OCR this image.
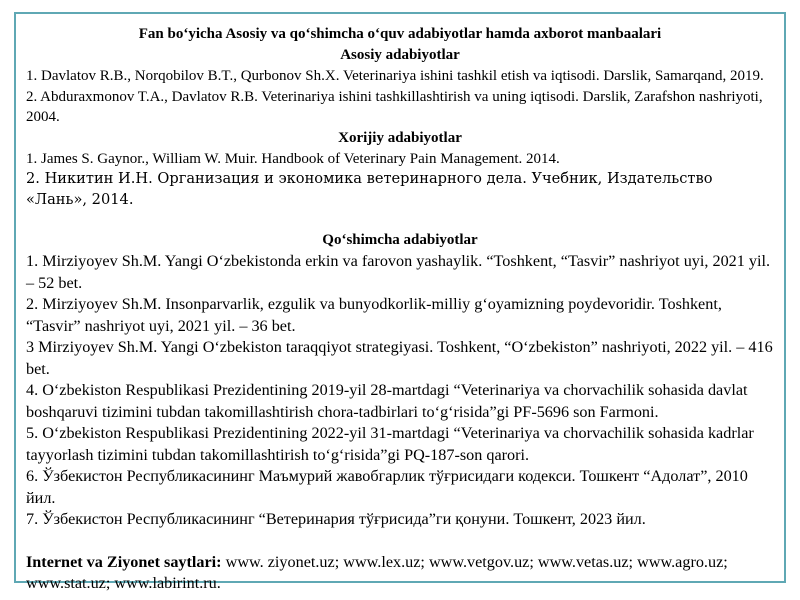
Fan bo‘yicha Asosiy va qo‘shimcha o‘quv adabiyotlar hamda axborot manbaalari

Asosiy adabiyotlar

1. Davlatov R.B., Norqobilov B.T., Qurbonov Sh.X. Veterinariya ishini tashkil etish va iqtisodi. Darslik, Samarqand, 2019.

2. Abduraxmonov T.A., Davlatov R.B. Veterinariya ishini tashkillashtirish va uning iqtisodi. Darslik, Zarafshon nashriyoti, 2004.

Xorijiy adabiyotlar

1. James S. Gaynor., William W. Muir. Handbook of Veterinary Pain Management. 2014.

2. Никитин И.Н. Организация и экономика ветеринарного дела. Учебник, Издательство «Лань», 2014.

Qo‘shimcha adabiyotlar

1. Mirziyoyev Sh.M. Yangi O‘zbekistonda erkin va farovon yashaylik. “Toshkent, “Tasvir” nashriyot uyi, 2021 yil. – 52 bet.

2. Mirziyoyev Sh.M. Insonparvarlik, ezgulik va bunyodkorlik-milliy g‘oyamizning poydevoridir. Toshkent, “Tasvir” nashriyot uyi, 2021 yil. – 36 bet.

3 Mirziyoyev Sh.M. Yangi O‘zbekiston taraqqiyot strategiyasi. Toshkent, “O‘zbekiston” nashriyoti, 2022 yil. – 416 bet.

4. O‘zbekiston Respublikasi Prezidentining 2019-yil 28-martdagi “Veterinariya va chorvachilik sohasida davlat boshqaruvi tizimini tubdan takomillashtirish chora-tadbirlari to‘g‘risida”gi PF-5696 son Farmoni.

5. O‘zbekiston Respublikasi Prezidentining 2022-yil 31-martdagi “Veterinariya va chorvachilik sohasida kadrlar tayyorlash tizimini tubdan takomillashtirish to‘g‘risida”gi PQ-187-son qarori.

6. Ўзбекистон Республикасининг Маъмурий жавобгарлик тўғрисидаги кодекси. Тошкент “Адолат”, 2010 йил.

7. Ўзбекистон Республикасининг “Ветеринария тўғрисида”ги қонуни. Тошкент, 2023 йил.

Internet va Ziyonet saytlari: www. ziyonet.uz; www.lex.uz; www.vetgov.uz; www.vetas.uz; www.agro.uz; www.stat.uz; www.labirint.ru.
